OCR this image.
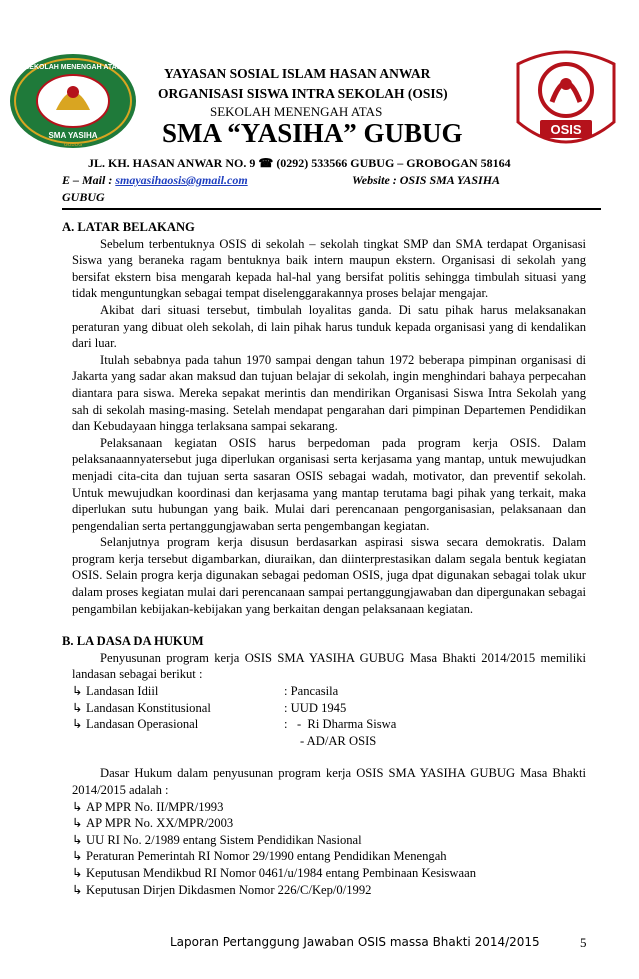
SEKOLAH MENENGAH ATAS
SMA YASIHA
GUBUG
OSIS
YAYASAN SOSIAL ISLAM HASAN ANWAR
ORGANISASI SISWA INTRA SEKOLAH (OSIS)
SEKOLAH MENENGAH ATAS
SMA “YASIHA” GUBUG
JL. KH. HASAN ANWAR NO. 9 ☎ (0292) 533566 GUBUG – GROBOGAN 58164
E – Mail : smayasihaosis@gmail.com	Website : OSIS SMA YASIHA
GUBUG

A. LATAR BELAKANG

Sebelum terbentuknya OSIS di sekolah – sekolah tingkat SMP dan SMA terdapat Organisasi Siswa yang beraneka ragam bentuknya baik intern maupun ekstern. Organisasi di sekolah yang bersifat ekstern bisa mengarah kepada hal-hal yang bersifat politis sehingga timbulah situasi yang tidak menguntungkan sebagai tempat diselenggarakannya proses belajar mengajar.

Akibat dari situasi tersebut, timbulah loyalitas ganda. Di satu pihak harus melaksanakan peraturan yang dibuat oleh sekolah, di lain pihak harus tunduk kepada organisasi yang di kendalikan dari luar.

Itulah sebabnya pada tahun 1970 sampai dengan tahun 1972 beberapa pimpinan organisasi di Jakarta yang sadar akan maksud dan tujuan belajar di sekolah, ingin menghindari bahaya perpecahan diantara para siswa. Mereka sepakat merintis dan mendirikan Organisasi Siswa Intra Sekolah yang sah di sekolah masing-masing. Setelah mendapat pengarahan dari pimpinan Departemen Pendidikan dan Kebudayaan hingga terlaksana sampai sekarang.

Pelaksanaan kegiatan OSIS harus berpedoman pada program kerja OSIS. Dalam pelaksanaannyatersebut juga diperlukan organisasi serta kerjasama yang mantap, untuk mewujudkan menjadi cita-cita dan tujuan serta sasaran OSIS sebagai wadah, motivator, dan preventif sekolah. Untuk mewujudkan koordinasi dan kerjasama yang mantap terutama bagi pihak yang terkait, maka diperlukan sutu hubungan yang baik. Mulai dari perencanaan pengorganisasian, pelaksanaan dan pengendalian serta pertanggungjawaban serta pengembangan kegiatan.

Selanjutnya program kerja disusun berdasarkan aspirasi siswa secara demokratis. Dalam program kerja tersebut digambarkan, diuraikan, dan diinterprestasikan dalam segala bentuk kegiatan OSIS. Selain progra kerja digunakan sebagai pedoman OSIS, juga dpat digunakan sebagai tolak ukur dalam proses kegiatan mulai dari perencanaan sampai pertanggungjawaban dan dipergunakan sebagai pengambilan kebijakan-kebijakan yang berkaitan dengan pelaksanaan kegiatan.

B. LA DASA DA HUKUM

Penyusunan program kerja OSIS SMA YASIHA GUBUG Masa Bhakti 2014/2015 memiliki landasan sebagai berikut :

↳ Landasan Idiil	: Pancasila
↳ Landasan Konstitusional	: UUD 1945
↳ Landasan Operasional	:   -  Ri Dharma Siswa
- AD/AR OSIS

Dasar Hukum dalam penyusunan program kerja OSIS SMA YASIHA GUBUG Masa Bhakti 2014/2015 adalah :

↳ AP MPR No. II/MPR/1993
↳ AP MPR No. XX/MPR/2003
↳ UU RI No. 2/1989 entang Sistem Pendidikan Nasional
↳ Peraturan Pemerintah RI Nomor 29/1990 entang Pendidikan Menengah
↳ Keputusan Mendikbud RI Nomor 0461/u/1984 entang Pembinaan Kesiswaan
↳ Keputusan Dirjen Dikdasmen Nomor 226/C/Kep/0/1992
Laporan Pertanggung Jawaban OSIS massa Bhakti 2014/2015	5
